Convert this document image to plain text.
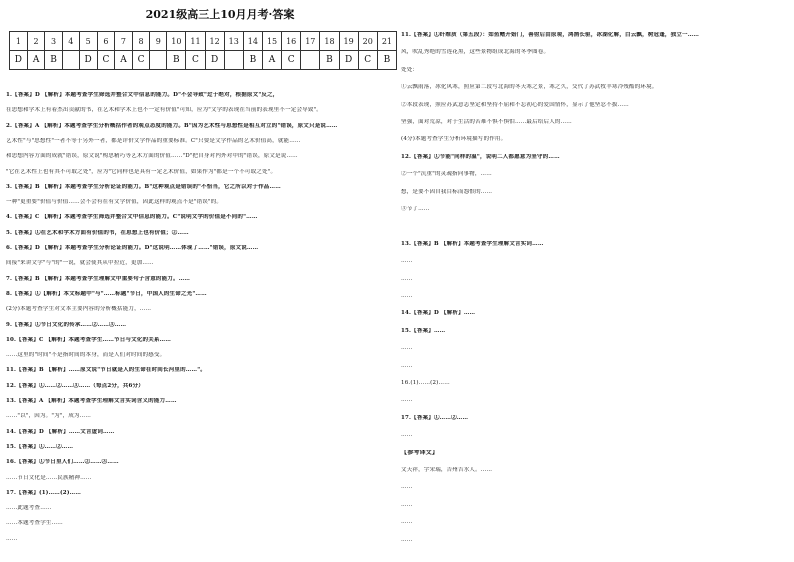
2021级高三上10月月考·答案
1	2	3	4	5	6	7	8	9	10	11	12	13	14	15	16	17	18	19	20	21
D	A	B		D	C	A	C		B	C	D		B	A	C		B	D	C	B
1.【答案】D 【解析】本题考查学生筛选并整合文中信息的能力。D"不会导致"过于绝对，根据原文"反之，
在思想和学术上有着杰出贡献的书，在艺术和学术上也不一定有价值"可知，应为"文学的表现在当前的表现里不一定会导致"。
2.【答案】A 【解析】本题考查学生分析概括作者的观点态度的能力。B"因为艺术性与思想性是相互对立的"错误，原文只是说……
艺术性"与"思想性"一者不等于另外一者，都是评价文学作品的重要标准。C"只要是文学作品的艺术价值高，就能……
和思想内容方面的成就"错误，原文说"构思精巧等艺术方面的价值……"D"把自身对内外对中的"错误，原文是说……
"它在艺术性上也有其不可取之处"，应为"它同样也是具有一定艺术价值，如果作为"都是一个不可取之处"。
3.【答案】B 【解析】本题考查学生分析论证的能力。B"这种观点是错误的"不恰当，它之所以对于作品……
一种"更重要"价值与价值……会不会有在有文学价值，因此这样的观点不是"错误"的。
4.【答案】C 【解析】本题考查学生筛选并整合文中信息的能力。C"说明文学的价值是不同的"……
5.【答案】①在艺术和学术方面有价值的书，在思想上也有价值；②……
6.【答案】D 【解析】本题考查学生分析论证的能力。D"这说明……体现了……"错误，原文说……
间接"来讲文学"与"的"一说，就会使其从中拉近，更加……
7.【答案】B 【解析】本题考查学生理解文中重要句子含意的能力。……
8.【答案】①【解析】本文标题中"与"……标题"节日，中国人的生命之光"……
(2分)本题考查学生对文本主要内容的分析概括能力，……
9.【答案】①节日文化的传承……②……③……
10.【答案】C 【解析】本题考查学生……节日与文化的关系……
……这里的"时间"不是指时间的本身，而是人们对时间的感受。
11.【答案】B 【解析】……原文说"节日就是人的生命在时间长河里的……"。
12.【答案】①……②……③……（每点2分，共6分）
13.【答案】A 【解析】本题考查学生理解文言实词含义的能力……
……"以"，因为。"为"，成为……
14.【答案】D 【解析】……文言虚词……
15.【答案】①……②……
16.【答案】①节日里人们……②……③……
……节日文化是……民族精神……
17.【答案】(1)……(2)……
……此题考查……
……本题考查学生……
……
11.【答案】①纤维质（第五段）：如鱼鳍开始门，善射后由原观，鸿鹄长驱，冰湖化解，白云飘，树冠蓬，独立一……
风，吹乱秀绝的雪莲花黑，这些景物组成北海的冬季图卷。
处处：
①云飘雨落，冰化风寒，照应第二段写北海的冬天寒之景，寒之久，交代了苏武牧羊寒冷残酷的环境。
②本段表现，照应苏武意志坚定和坚持不屈和不忘初心的爱国情怀，显示了他坚忍不拔……
坚强，面对荒凉，对于生活的苦难不惧不惧怕……最后给后人的……
(4分)本题考查学生分析环境描写的作用。
12.【答案】①节能"同样的温"，说明二人都愿意为坚守的……
②一个"沉重"的灵魂指向事物，……
想，是要不因自我目标而怨恨的……
③节了……
13.【答案】B 【解析】本题考查学生理解文言实词……
……
……
……
14.【答案】D 【解析】……
15.【答案】……
……
……
16.(1)……(2)……
……
17.【答案】①……②……
……
【参考译文】
文天祥，字宋瑞，吉州吉水人。……
……
……
……
……
